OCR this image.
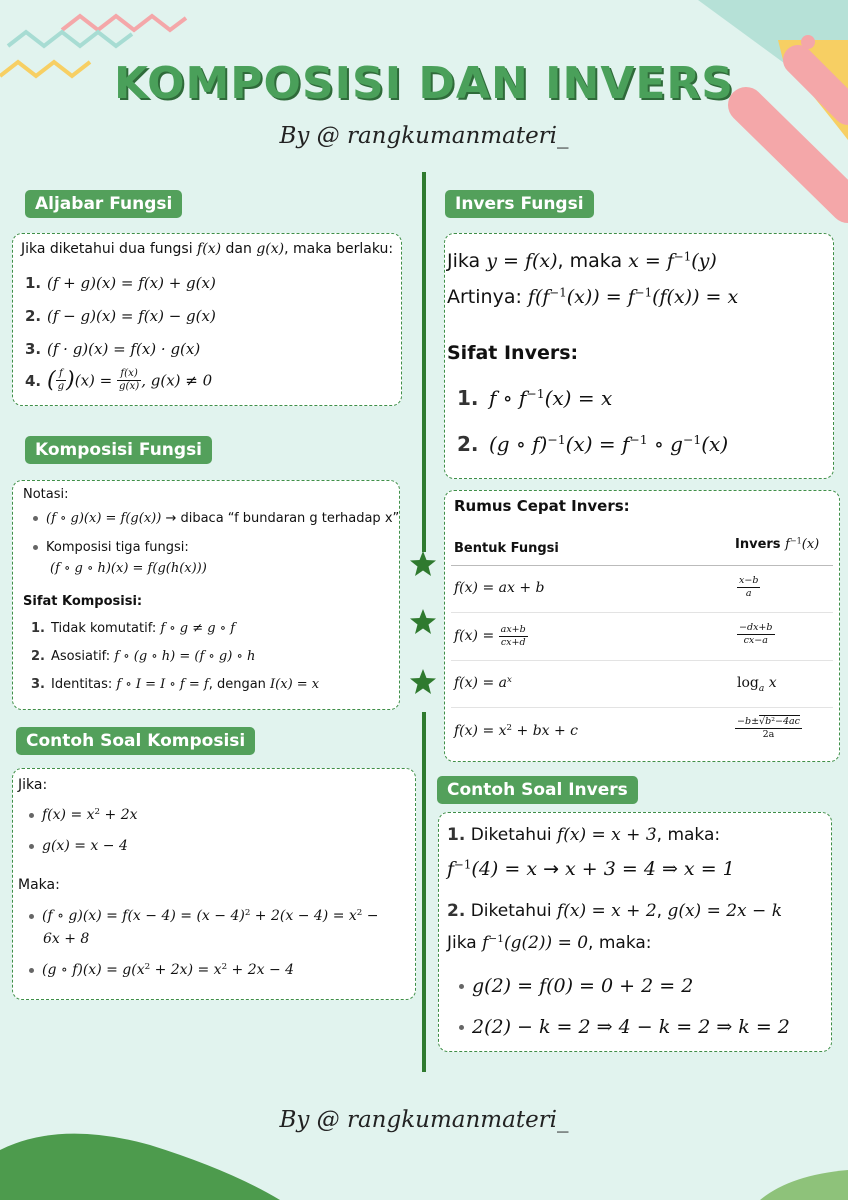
KOMPOSISI DAN INVERS
By @ rangkumanmateri_
Aljabar Fungsi
Jika diketahui dua fungsi f(x) dan g(x), maka berlaku:
1. (f + g)(x) = f(x) + g(x)
2. (f − g)(x) = f(x) − g(x)
3. (f · g)(x) = f(x) · g(x)
4. ( $\frac{f}{g} )(x) = \frac{f(x)}{g(x)}$ , g(x) ≠ 0
Komposisi Fungsi
Notasi:
(f ∘ g)(x) = f(g(x)) → dibaca “f bundaran g terhadap x”
Komposisi tiga fungsi:
(f ∘ g ∘ h)(x) = f(g(h(x)))
Sifat Komposisi:
1. Tidak komutatif: f ∘ g ≠ g ∘ f
2. Asosiatif: f ∘ (g ∘ h) = (f ∘ g) ∘ h
3. Identitas: f ∘ I = I ∘ f = f, dengan I(x) = x
Contoh Soal Komposisi
Jika:
$f(x) = x^2 + 2x$
g(x) = x − 4
Maka:
(f ∘ $g)(x) = f(x - 4) = (x - 4)^2 + 2(x - 4) = x^2$ −
6x + 8
(g ∘ $f)(x) = g(x^2 + 2x) = x^2 + 2x - 4$
Invers Fungsi
Jika y = f(x), maka $x = f^{-1}(y)$
Artinya: $f(f^{-1}(x)) = f^{-1}(f(x)) = x$
Sifat Invers:
1. f ∘ $f^{-1}(x) = x$
2. (g ∘ $f)^{-1}(x) = f^{-1}$ ∘ $g^{-1}(x)$
Rumus Cepat Invers:
Bentuk Fungsi	Invers $f^{-1}(x)$
f(x) = ax + b	$\frac{x-b}{a}$
$f(x) = \frac{ax+b}{cx+d}$	$\frac{-dx+b}{cx-a}$
$f(x) = a^x$	$\log_a x$
$f(x) = x^2$ + bx + c	$\frac{-b\pm√b^2-4ac}{2a}$
Contoh Soal Invers
1. Diketahui f(x) = x + 3, maka:
$f^{-1}(4) = x \to x + 3 = 4$ ⇒ x = 1
2. Diketahui f(x) = x + 2, g(x) = 2x − k
Jika $f^{-1}(g(2)) = 0$, maka:
g(2) = f(0) = 0 + 2 = 2
2(2) − k = 2 ⇒ 4 − k = 2 ⇒ k = 2
By @ rangkumanmateri_
